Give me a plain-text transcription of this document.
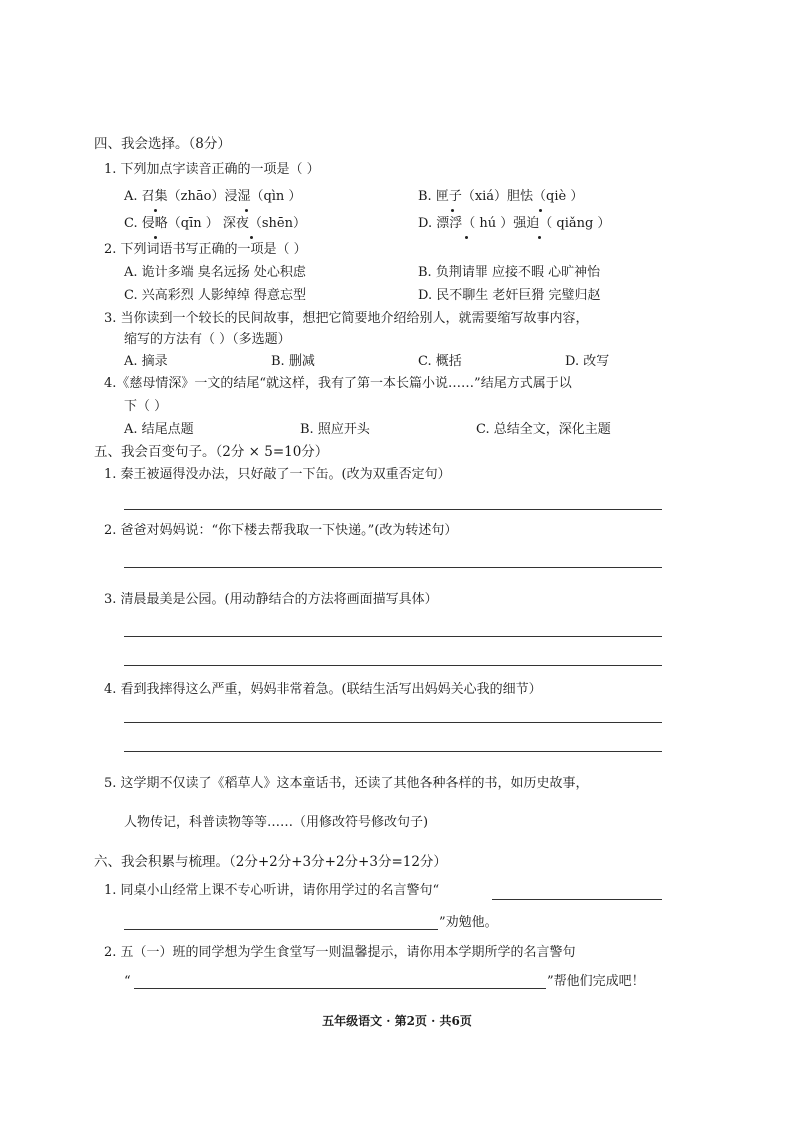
四、我会选择。（8分）
1. 下列加点字读音正确的一项是（ ）
A. 召集（zhāo）浸湿（qìn ）	B. 匣子（xiá）胆怯（qiè ）
C. 侵略（qīn ） 深夜（shēn）	D. 漂浮（ hú ）强迫（ qiǎng ）
2. 下列词语书写正确的一项是（ ）
A. 诡计多端 臭名远扬 处心积虑	B. 负荆请罪 应接不暇 心旷神怡
C. 兴高彩烈 人影绰绰 得意忘型	D. 民不聊生 老奸巨猾 完璧归赵
3. 当你读到一个较长的民间故事，想把它简要地介绍给别人，就需要缩写故事内容，
缩写的方法有（ ）（多选题）
A. 摘录	B. 删减	C. 概括	D. 改写
4.《慈母情深》一文的结尾“就这样，我有了第一本长篇小说……”结尾方式属于以
下（ ）
A. 结尾点题	B. 照应开头	C. 总结全文，深化主题
五、我会百变句子。（2分 × 5=10分）
1. 秦王被逼得没办法，只好敲了一下缶。(改为双重否定句）
2. 爸爸对妈妈说：“你下楼去帮我取一下快递。”(改为转述句）
3. 清晨最美是公园。(用动静结合的方法将画面描写具体）
4. 看到我摔得这么严重，妈妈非常着急。(联结生活写出妈妈关心我的细节）
5. 这学期不仅读了《稻草人》这本童话书，还读了其他各种各样的书，如历史故事，
人物传记，科普读物等等……（用修改符号修改句子)
六、我会积累与梳理。（2分+2分+3分+2分+3分=12分）
1. 同桌小山经常上课不专心听讲，请你用学过的名言警句“
”劝勉他。
2. 五（一）班的同学想为学生食堂写一则温馨提示，请你用本学期所学的名言警句
“	”帮他们完成吧！
五年级语文 · 第2页 · 共6页
